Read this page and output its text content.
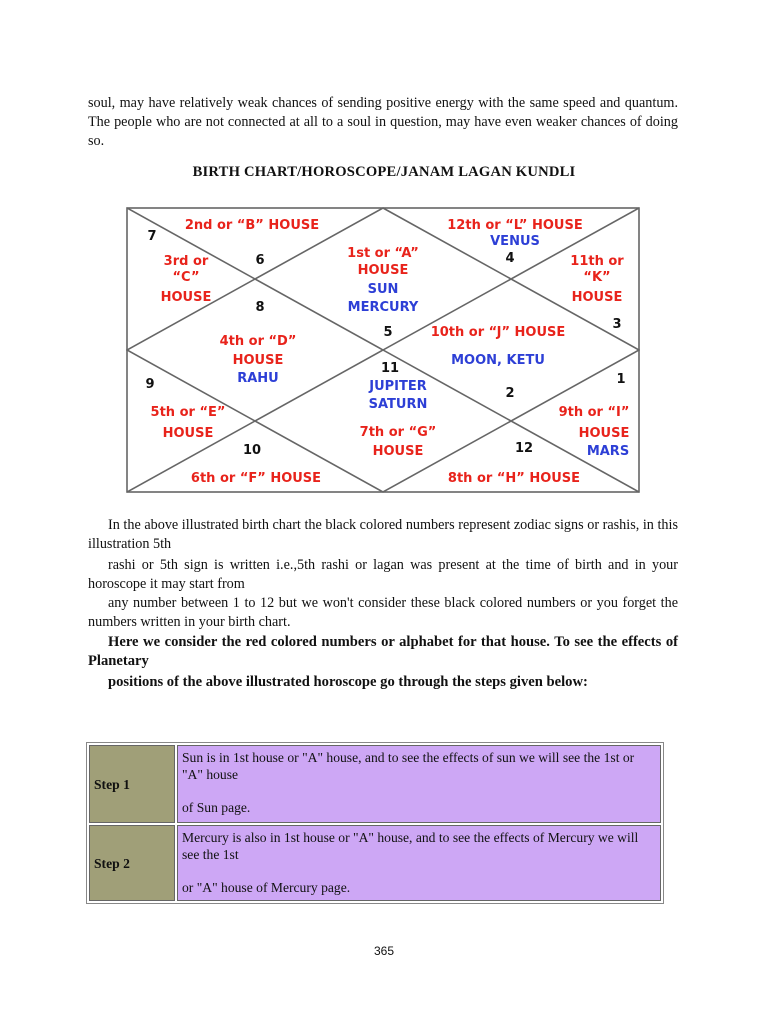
soul, may have relatively weak chances of sending positive energy with the same speed and quantum. The people who are not connected at all to a soul in question, may have even weaker chances of doing so.

BIRTH CHART/HOROSCOPE/JANAM LAGAN KUNDLI
2nd or “B” HOUSE	12th or “L” HOUSE
3rd or
“C”
HOUSE
1st or “A”
HOUSE
11th or
“K”
HOUSE
4th or “D”
HOUSE
10th or “J” HOUSE
5th or “E”
HOUSE	7th or “G”
HOUSE
9th or “I”
HOUSE
6th or “F” HOUSE	8th or “H” HOUSE
VENUS
SUN
MERCURY
RAHU
MOON, KETU
JUPITER
SATURN
MARS
7
6	4
8
5
3
11
9	1
2
10	12

In the above illustrated birth chart the black colored numbers represent zodiac signs or rashis, in this illustration 5th

rashi or 5th sign is written i.e.,5th rashi or lagan was present at the time of birth and in your horoscope it may start from

any number between 1 to 12 but we won't consider these black colored numbers or you forget the numbers written in your birth chart.

Here we consider the red colored numbers or alphabet for that house. To see the effects of Planetary

positions of the above illustrated horoscope go through the steps given below:

Step 1	Sun is in 1st house or "A" house, and to see the effects of sun we will see the 1st or "A" house
of Sun page.

Step 2	Mercury is also in 1st house or "A" house, and to see the effects of Mercury we will see the 1st
or "A" house of Mercury page.
365
